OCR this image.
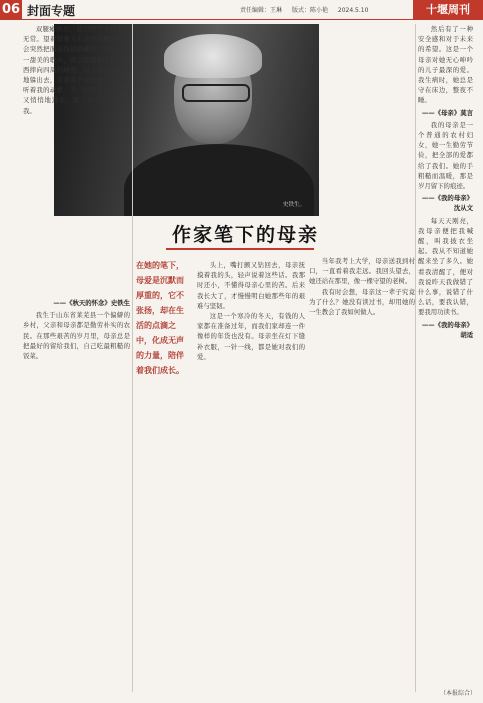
06 封面专题	责任编辑：王琳 版式：陈小艳 2024.5.10	十堰周刊
史铁生。
作家笔下的母亲

双腿瘫痪后，我的脾气变得暴怒无常。望着望着天上北归的雁阵，我会突然把面前的玻璃砸碎；听着李谷一甜美的歌声，我会猛地把手边的东西摔向四周的墙壁。母亲这时就悄悄地躲出去，在我看不见的地方偷偷地听着我的动静。当一切恢复沉寂，她又悄悄地进来，眼边红红的，看着我。

——《秋天的怀念》史铁生

我生于山东省莱芜县一个偏僻的乡村，父亲和母亲都是勤劳朴实的农民。在那些艰苦的岁月里，母亲总是把最好的留给我们，自己吃最粗糙的饭菜。

在她的笔下，母爱是沉默而厚重的，它不张扬，却在生活的点滴之中，化成无声的力量，陪伴着我们成长。

头上，嘴打颤又钻回去，母亲抚摸着我的头，轻声说着这些话。我那时还小，不懂得母亲心里的苦。后来我长大了，才慢慢明白她那些年的艰难与坚韧。

这是一个寒冷的冬天，有钱的人家都在准备过年，而我们家却连一件像样的年货也没有。母亲坐在灯下缝补衣服，一针一线，都是她对我们的爱。

当年我考上大学，母亲送我到村口，一直看着我走远。我回头望去，她还站在那里，像一棵守望的老树。

我有时会想，母亲这一辈子究竟为了什么？她没有读过书，却用她的一生教会了我如何做人。

然后有了一种安全感和对于未来的希望。这是一个母亲对她无心呻吟的儿子最深的爱。我生病时，她总是守在床边，整夜不睡。

——《母亲》莫言

我的母亲是一个普通的农村妇女，她一生勤劳节俭，把全部的爱都给了我们。她的手粗糙而温暖，那是岁月留下的痕迹。

——《我的母亲》沈从文

每天天刚亮，我母亲便把我喊醒，叫我披衣坐起。我从不知道她醒来坐了多久。她看我清醒了，便对我说昨天我做错了什么事，说错了什么话，要我认错，要我用功读书。

——《我的母亲》胡适

（本报综合）
